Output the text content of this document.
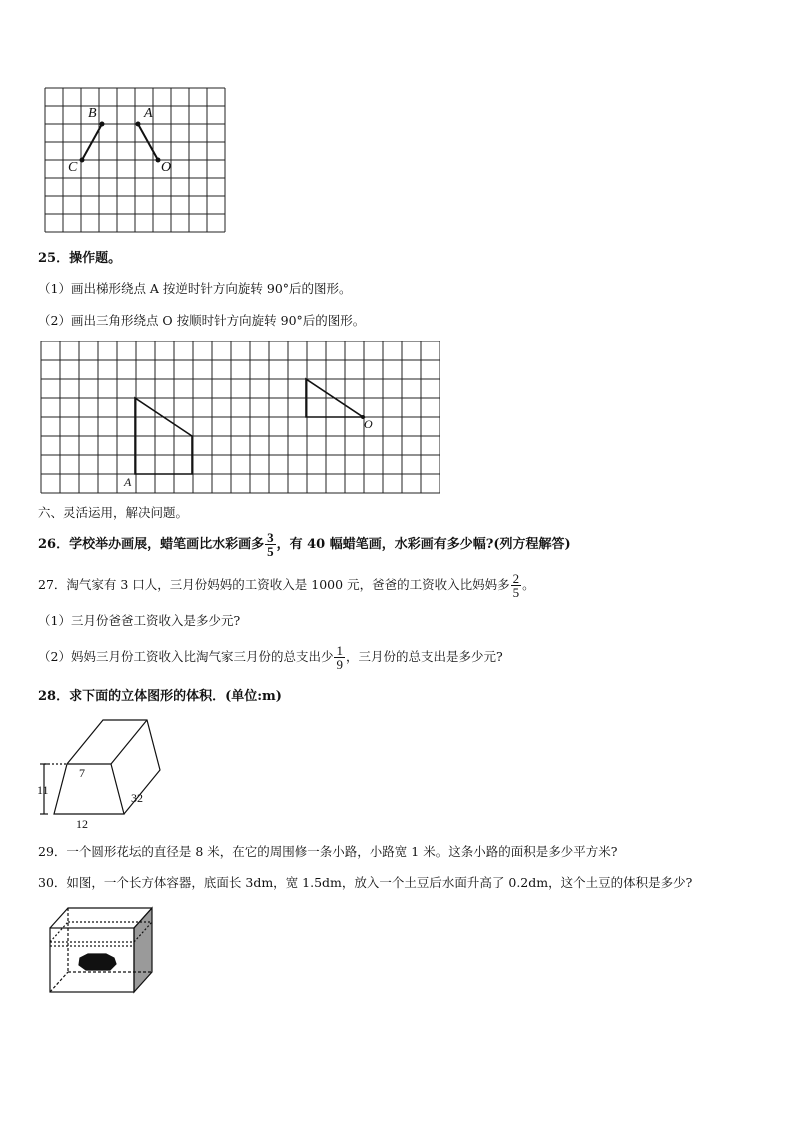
B	A
C	O
25．操作题。
（1）画出梯形绕点 A 按逆时针方向旋转 90°后的图形。
（2）画出三角形绕点 O 按顺时针方向旋转 90°后的图形。
A
O
六、灵活运用，解决问题。
26．学校举办画展，蜡笔画比水彩画多 $\frac{3}{5}$ ，有 40 幅蜡笔画，水彩画有多少幅?(列方程解答)
27．淘气家有 3 口人，三月份妈妈的工资收入是 1000 元，爸爸的工资收入比妈妈多 $\frac{2}{5}$ 。
（1）三月份爸爸工资收入是多少元?
（2）妈妈三月份工资收入比淘气家三月份的总支出少 $\frac{1}{9}$ ，三月份的总支出是多少元?
28．求下面的立体图形的体积．(单位:m)
7
11
12
32
29．一个圆形花坛的直径是 8 米，在它的周围修一条小路，小路宽 1 米。这条小路的面积是多少平方米?
30．如图，一个长方体容器，底面长 3dm，宽 1.5dm，放入一个土豆后水面升高了 0.2dm，这个土豆的体积是多少?
